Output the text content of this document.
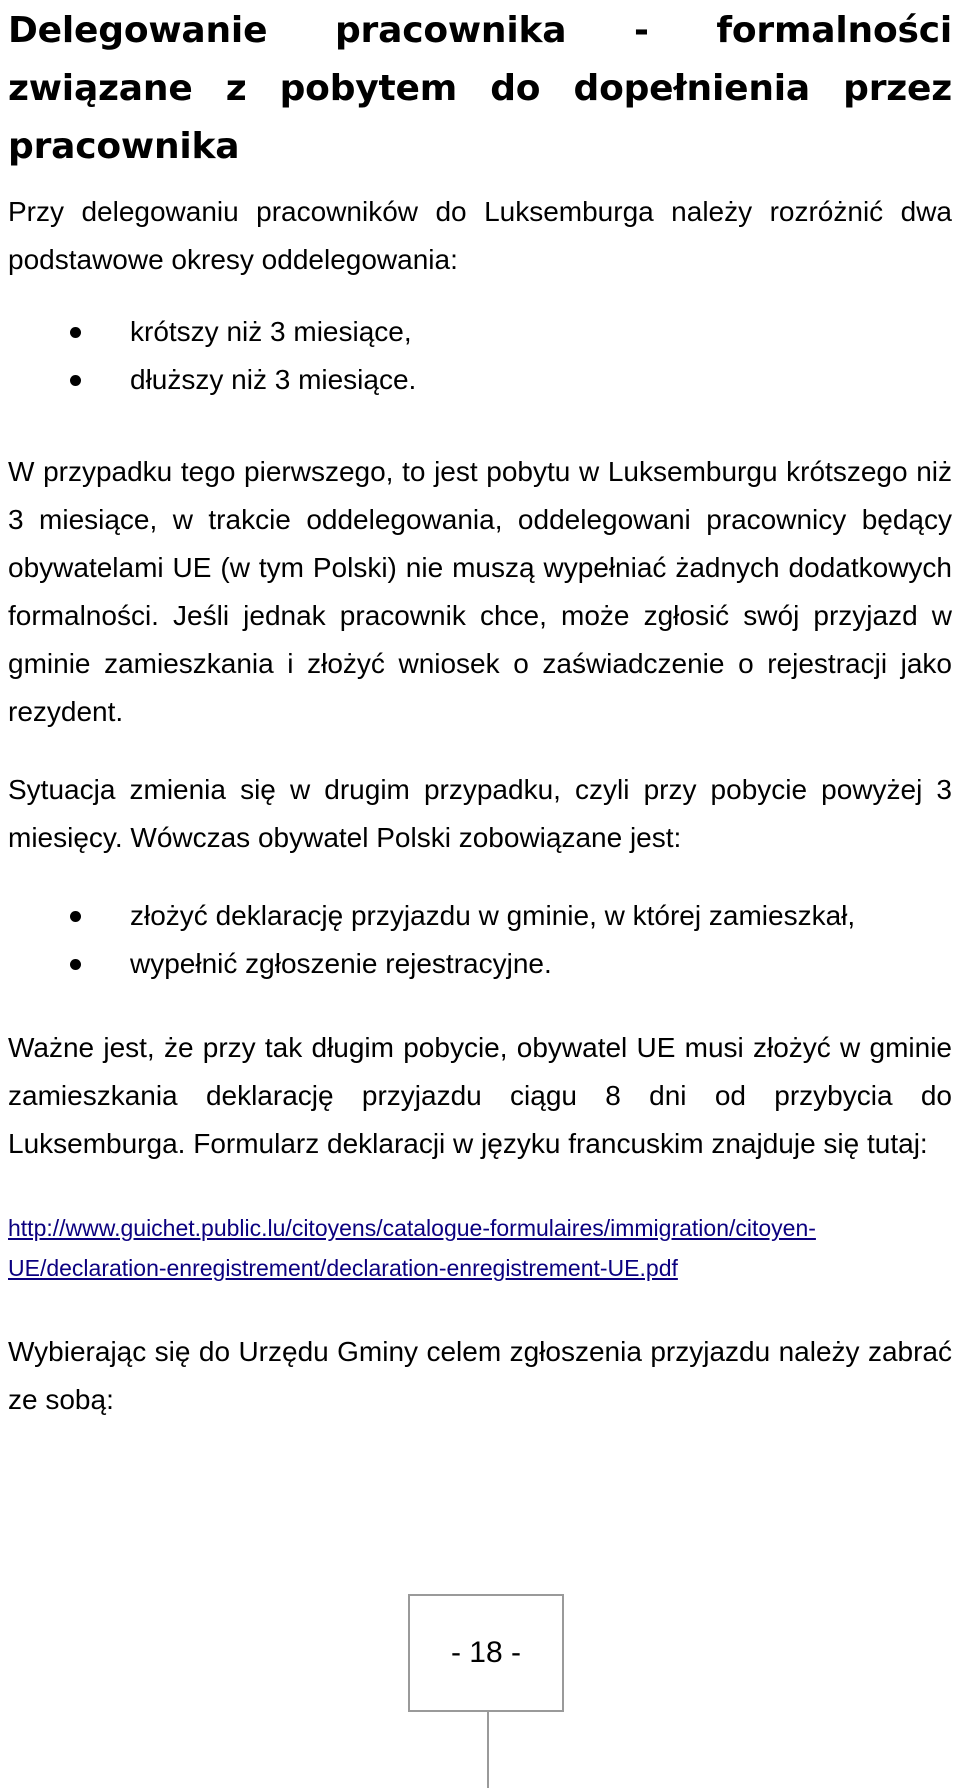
Delegowanie pracownika - formalności związane z pobytem do dopełnienia przez pracownika

Przy delegowaniu pracowników do Luksemburga należy rozróżnić dwa podstawowe okresy oddelegowania:

krótszy niż 3 miesiące,
dłuższy niż 3 miesiące.

W przypadku tego pierwszego, to jest pobytu w Luksemburgu krótszego niż 3 miesiące, w trakcie oddelegowania, oddelegowani pracownicy będący obywatelami UE (w tym Polski) nie muszą wypełniać żadnych dodatkowych formalności. Jeśli jednak pracownik chce, może zgłosić swój przyjazd w gminie zamieszkania i złożyć wniosek o zaświadczenie o rejestracji jako rezydent.

Sytuacja zmienia się w drugim przypadku, czyli przy pobycie powyżej 3 miesięcy. Wówczas obywatel Polski zobowiązane jest:

złożyć deklarację przyjazdu w gminie, w której zamieszkał,
wypełnić zgłoszenie rejestracyjne.

Ważne jest, że przy tak długim pobycie, obywatel UE musi złożyć w gminie zamieszkania deklarację przyjazdu ciągu 8 dni od przybycia do Luksemburga. Formularz deklaracji w języku francuskim znajduje się tutaj:

http://www.guichet.public.lu/citoyens/catalogue-formulaires/immigration/citoyen-
UE/declaration-enregistrement/declaration-enregistrement-UE.pdf

Wybierając się do Urzędu Gminy celem zgłoszenia przyjazdu należy zabrać ze sobą:

- 18 -
